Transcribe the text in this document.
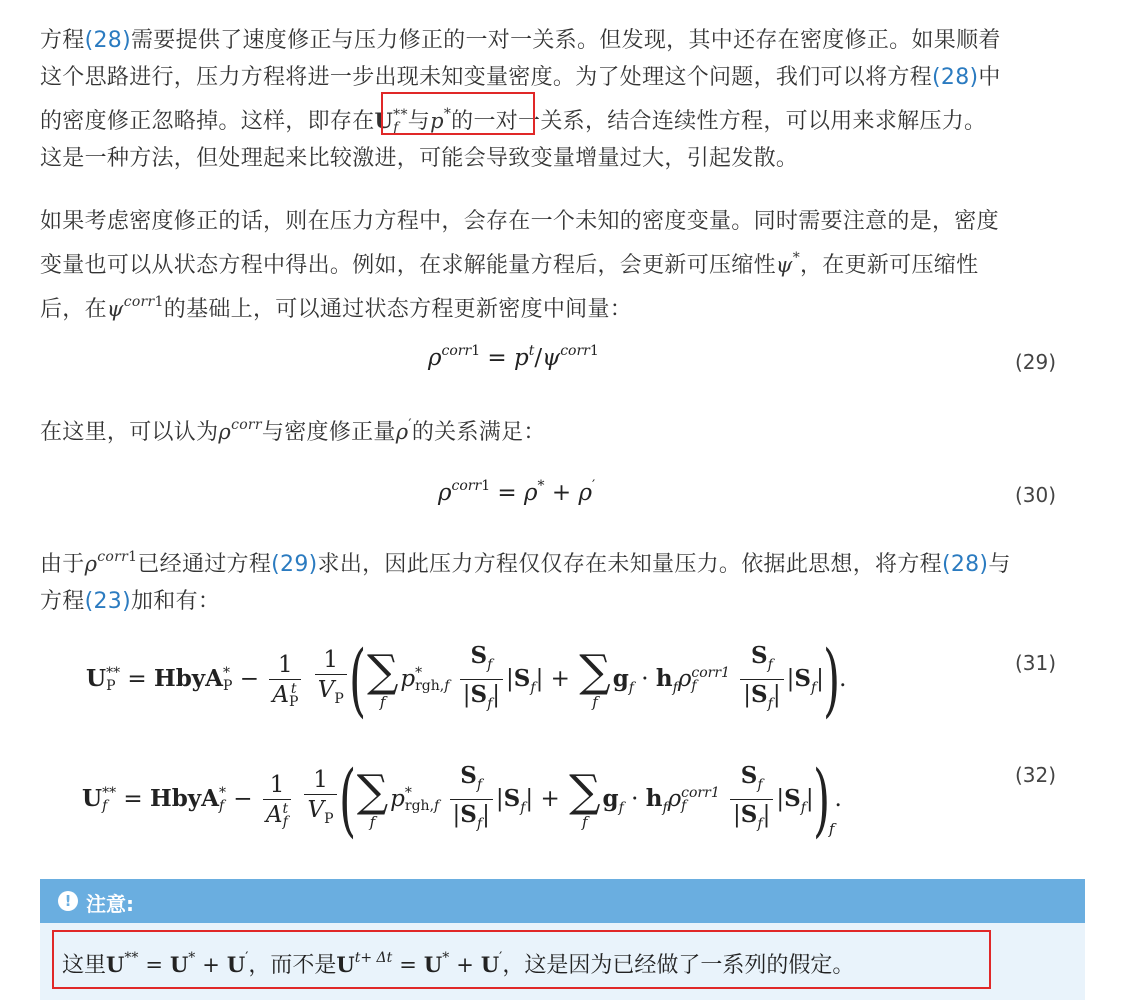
方程(28)需要提供了速度修正与压力修正的一对一关系。但发现，其中还存在密度修正。如果顺着
这个思路进行，压力方程将进一步出现未知变量密度。为了处理这个问题，我们可以将方程(28)中
的密度修正忽略掉。这样，即存在U **
f 与p*的一对一关系，结合连续性方程，可以用来求解压力。
这是一种方法，但处理起来比较激进，可能会导致变量增量过大，引起发散。
如果考虑密度修正的话，则在压力方程中，会存在一个未知的密度变量。同时需要注意的是，密度
变量也可以从状态方程中得出。例如，在求解能量方程后，会更新可压缩性ψ*，在更新可压缩性
后，在$\psi^{corr1}$的基础上，可以通过状态方程更新密度中间量：
$\rho^{corr1} = p^t/\psi^{corr1}$	(29)
在这里，可以认为$\rho^{corr}$与密度修正量ρ′的关系满足：
$\rho^{corr1} = \rho^* + \rho'$	(30)
由于$\rho^{corr1}$已经通过方程(29)求出，因此压力方程仅仅存在未知量压力。依据此思想，将方程(28)与
方程(23)加和有：
U **
P = HbyA *
P − 1
A t
P
$\frac{1}{V_P}$ ( ∑
f
p *
rgh,f
$\frac{S_f}{|S_f|} |S_f|$ + ∑
f
$g_f \cdot h_f\rho$ corr1
f
	$\frac{S_f}{|S_f|} |S_f|$).
(31)
U **
f = HbyA *
f − 1
A t
f
$\frac{1}{V_P}$ ( ∑
f
p *
rgh,f
$\frac{S_f}{|S_f|} |S_f|$ + ∑
f
$g_f \cdot h_f\rho$ corr1
f
	$\frac{S_f}{|S_f|} |S_f|)_f$.
(32)
! 注意:
这里U** = U* + U′，而不是$U^{t+ \Delta t} = U^* + U'$，这是因为已经做了一系列的假定。
